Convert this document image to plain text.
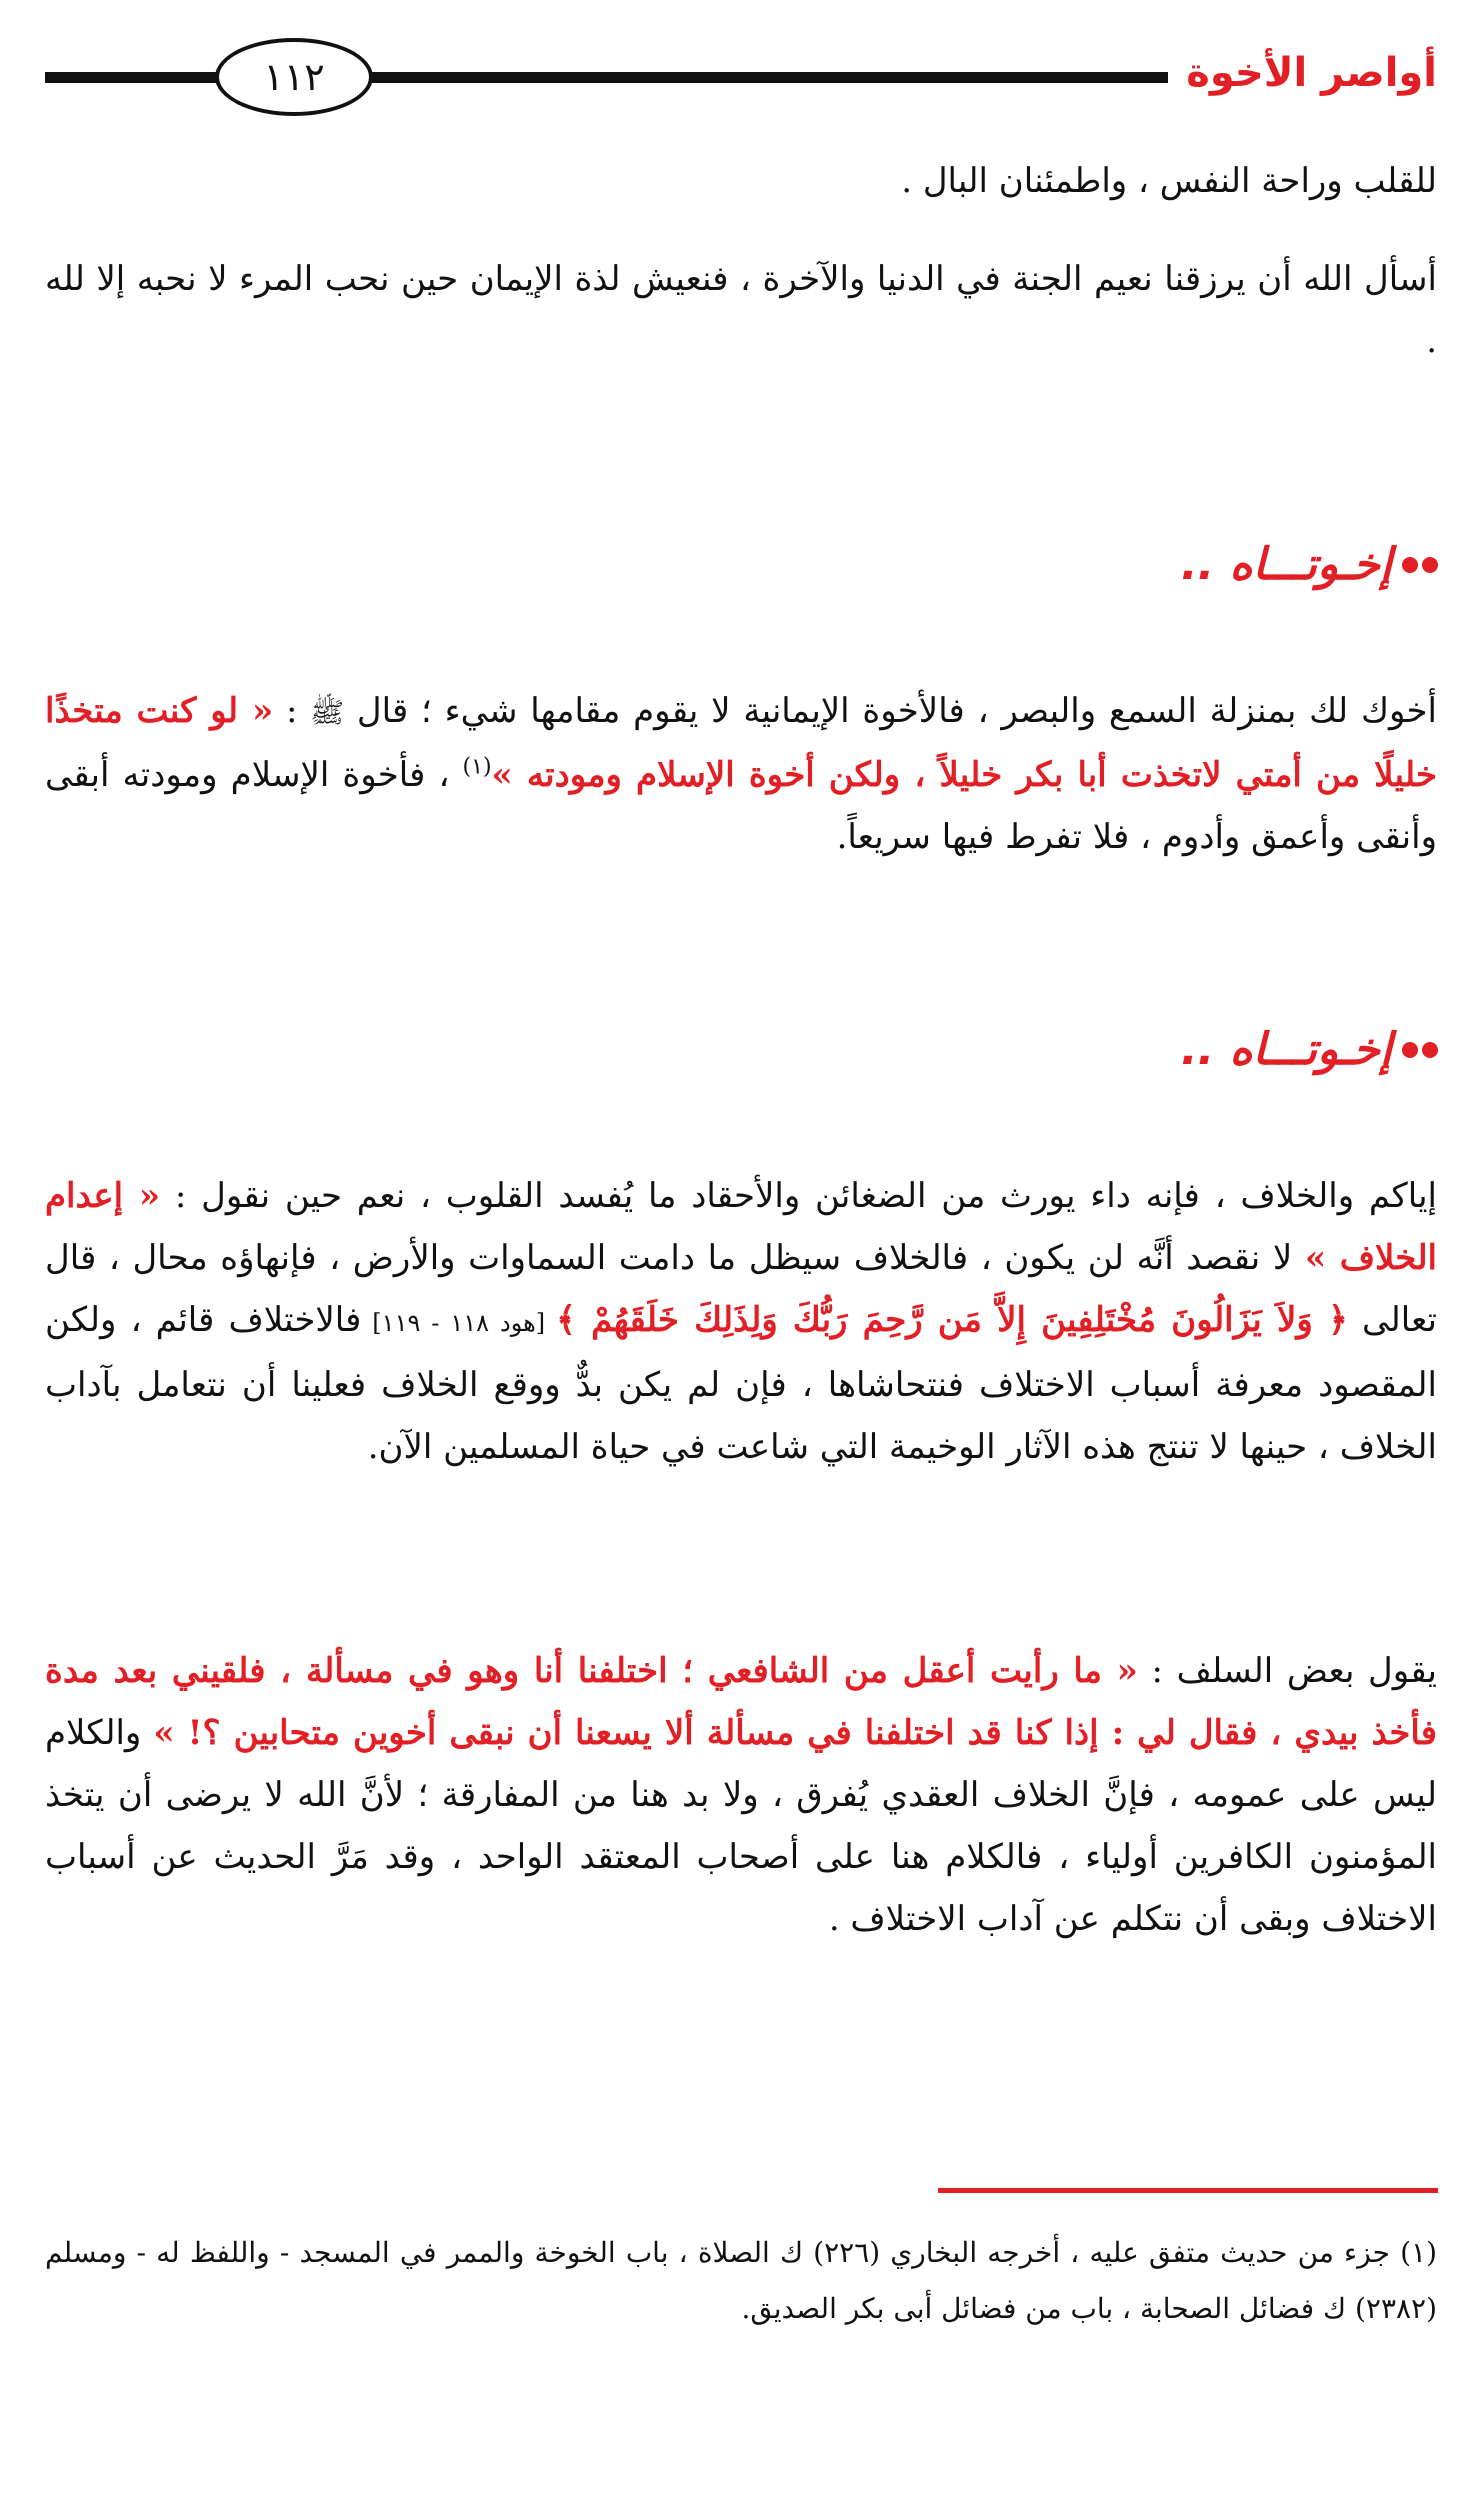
١١٢	أواصر الأخوة
للقلب وراحة النفس ، واطمئنان البال .
أسأل الله أن يرزقنا نعيم الجنة في الدنيا والآخرة ، فنعيش لذة الإيمان حين نحب المرء لا نحبه إلا لله .
إخـوتـــاه ..
أخوك لك بمنزلة السمع والبصر ، فالأخوة الإيمانية لا يقوم مقامها شيء ؛ قال ﷺ : « لو كنت متخذًا خليلًا من أمتي لاتخذت أبا بكر خليلاً ، ولكن أخوة الإسلام ومودته »$^{(١)}$ ، فأخوة الإسلام ومودته أبقى وأنقى وأعمق وأدوم ، فلا تفرط فيها سريعاً.
إخـوتـــاه ..
إياكم والخلاف ، فإنه داء يورث من الضغائن والأحقاد ما يُفسد القلوب ، نعم حين نقول : « إعدام الخلاف » لا نقصد أنَّه لن يكون ، فالخلاف سيظل ما دامت السماوات والأرض ، فإنهاؤه محال ، قال تعالى ﴿ وَلاَ يَزَالُونَ مُخْتَلِفِينَ إِلاَّ مَن رَّحِمَ رَبُّكَ وَلِذَلِكَ خَلَقَهُمْ ﴾ [هود ١١٨ - ١١٩] فالاختلاف قائم ، ولكن المقصود معرفة أسباب الاختلاف فنتحاشاها ، فإن لم يكن بدٌّ ووقع الخلاف فعلينا أن نتعامل بآداب الخلاف ، حينها لا تنتج هذه الآثار الوخيمة التي شاعت في حياة المسلمين الآن.
يقول بعض السلف : « ما رأيت أعقل من الشافعي ؛ اختلفنا أنا وهو في مسألة ، فلقيني بعد مدة فأخذ بيدي ، فقال لي : إذا كنا قد اختلفنا في مسألة ألا يسعنا أن نبقى أخوين متحابين ؟! » والكلام ليس على عمومه ، فإنَّ الخلاف العقدي يُفرق ، ولا بد هنا من المفارقة ؛ لأنَّ الله لا يرضى أن يتخذ المؤمنون الكافرين أولياء ، فالكلام هنا على أصحاب المعتقد الواحد ، وقد مَرَّ الحديث عن أسباب الاختلاف وبقى أن نتكلم عن آداب الاختلاف .
(١) جزء من حديث متفق عليه ، أخرجه البخاري (٢٢٦) ك الصلاة ، باب الخوخة والممر في المسجد - واللفظ له - ومسلم (٢٣٨٢) ك فضائل الصحابة ، باب من فضائل أبى بكر الصديق.
